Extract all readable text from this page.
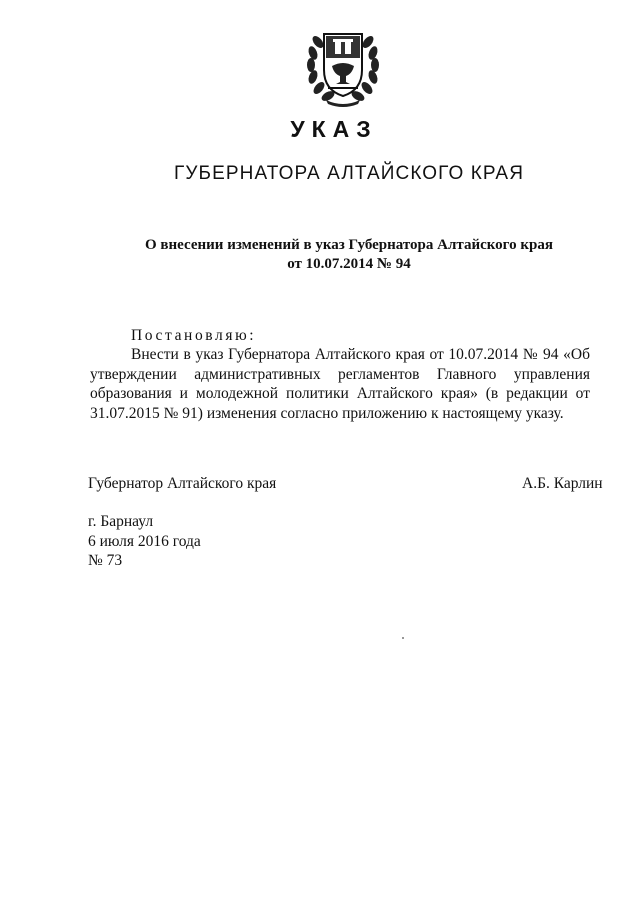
УКАЗ
ГУБЕРНАТОРА АЛТАЙСКОГО КРАЯ
О внесении изменений в указ Губернатора Алтайского края
от 10.07.2014 № 94
Постановляю:

Внести в указ Губернатора Алтайского края от 10.07.2014 № 94 «Об утверждении административных регламентов Главного управления образования и молодежной политики Алтайского края» (в редакции от 31.07.2015 № 91) изменения согласно приложению к настоящему указу.

Губернатор Алтайского края	А.Б. Карлин
г. Барнаул
6 июля 2016 года
№ 73
